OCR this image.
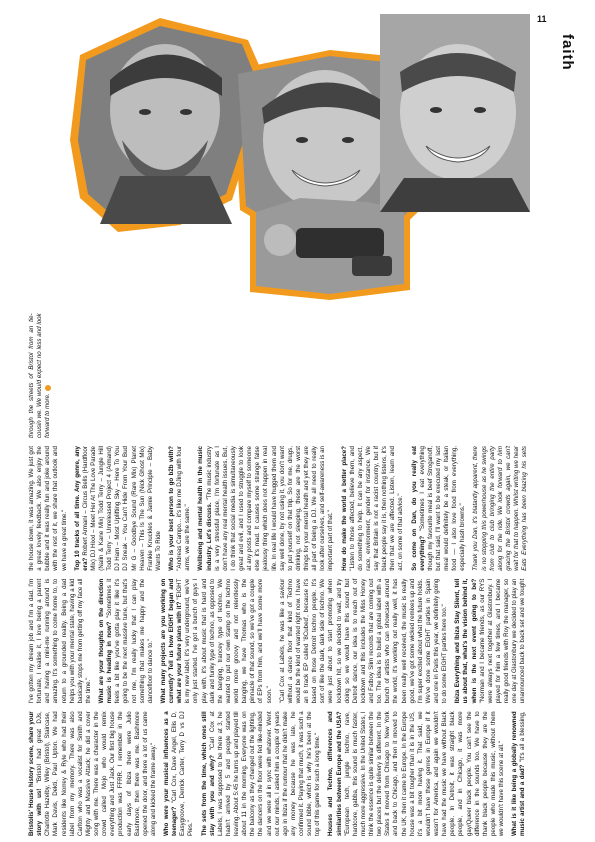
11
faith

Bristolis' House history scene, share your story with us! "Bristol had great DJs, Charlotte Hazelby, Wiley (Bristol), Staircase, Mark Davis, Dekti, Paul Upton. We had residents like Norrey & Ryle who had their label from my memory. There was also Carlton who was a vocalist for Smith and Mighty and Massive Attack; he did a cover song with me. There was a character in the crowd called Mojo who would remix everything and Just Jack. Our first big house production was FFRR. I remember in the early days of Ibiza there were Julio Bashmore, then there was me. Bashmore opened the door, and there a lot of us came along and kicked the frame away." Who were your musical influences as a teenager? "Carl Cox, Dave Angel, Ellis D, Easygroove, Derrick Carter, Terry D vs DJ Pies." The sets from the time, which ones still stay with you and why? "Carl Cox at Labels, I was supposed to be there at 3, he hadn't arrived by 5 and people started leaving. About 5:45 he turns up and played till about 11 in the morning. Everyone was on the balcony as they changed out the lighting, the dancers on the floor were fed like-minded and we were all in sync with whatever. Went out our minds, I asked him a couple of years ago in Ibiza if the rumour that he didn't make any money because he was late, he confirmed it. Playing that much, it was such a sound bible, which is why he's been at the top of this game for such a long time." Houses and Techno, differences and similarities between Europe and the USA? "European tech, jungle techno, rave, hardcore, gabba, this sound is much faster, much more aggressive. In the United States, I think the essence is quite similar between the two places but the delivery is different. In the States it moved from Chicago to New York and back to Chicago, and then it moved to the UK, then it came to Europe. In the Europe house was a bit tougher than it is in the US, it's a bit more having it. That said, we wouldn't have these genres in Europe if it wasn't for America, and again we wouldn't have had the music we have without Black people. In Detroit, it was straight black people, and in Chicago, it was more gay/Queer black people. You can't see the difference in the sounds too. We have to thank black people because they are the people who made this music, without them we wouldn't have this scene at all." What is it like being a globally renowned music artist and a dad? "It's all a blessing, I've gotten my dream job and I'm a dad. I'm fortunate, I realise it, I love being a parent and having a mini-me running around is amazing. It's something to come home to, to return to a grounded reality. Being a dad helps you with your mental state, having a kid basically stops me from getting off my face all the time." What are your thoughts on the direction music is heading in now? "Sometimes it feels a bit like you've gotta play it like it's going to be the next massive tune, but that's not me, I'm really lucky that I can play something that makes me happy and the dancefloor to dance to." What many projects are you working on currently? Tell us how EIGHT began and what are your future plans with it? "EIGHT is my new label, it's very underground, we've only just started. I've got a bunch of guys I play with, it's about music that is hard and dark and funky type of techno, as opposed to the banging, trancey type of techno. We wanted to put our own stamp on the techno world more groovy and not relentlessly banging, we have Thomas who is the pinnacle of that sound, so we've got a couple of EPs from him, and we'll have some more soon." "Carl Cox at Labels, he was like a saviour without a dance floor that kind of Techno would be the kind of wanted right now. I have an 8 track EP called '8Cubed', because it's based on those Detroit techno people. It's sort of like the dark, dark side of techno. We were just about to start promoting when lockdown hit, so we decided to wait, and try doing so we would have this sound but Detroit dance, our idea is to reach out of lockdown and this includes the Miss Honey and Fatboy Slim records that are coming out too. The idea is to build a global label with a bunch of artists who can showcase around the world, it's working out really well, it has been really well received, the music is really good, we've got some wicked remixes up and I'm super excited about what the future holds. We've done some EIGHT parties in Spain and one in Paris this year, we definitely going to do some EIGHT parties here too." Ibiza Everything and Ibiza Stay Silent, tell us about that, what's the vision behind it, when is the next event going to be? "Norman and I became friends, as our RYS were always next together at Glastonbury. I played for him a few times, and I became really good friends with Roy the manager, so one day at Glastonbury we decided to play an unannounced back to back set and we tought the house down, it was amazing. We just got a great lovely feedback. We also enjoy the bubble and it was really fun and joke around with the rest of it, we share that outlook and we have a great time." Top 10 tracks of all time. Any genre, any era? Robert Armani – Circus Bells (Hardfloor Mix) DJ Hixxl – Meet Her At The Love Parade (Nalin & Kane Mix) Todd Terry – Jungle Hill Todd Terry – Unreleased Project 4 (Armand) DJ Ham – Most Uplifting Sky – Here To You DJ Sneak – You Can't Hide From Your Bud Mr G – Goodbye Sound (Rare Mix) Planet Heaven – This Is The Sun (Nick Ghost Mix) Frankie Knuckles & Jamie Principle – Baby Wants To Ride Who is your best person to go b2b with? "Andreas Campo... it's like me DJing with four arms, we are the same." Wellbeing and mental health in the music industry. Let's discuss. "The music industry is a very stressful place, I'm fortunate as I don't have any real mental health issues. But, I do think that social media is simultaneously great and evil, and I used to struggle to look at any posts and compare myself to someone else it's mad. It causes some strange false jealousy thing which does not happen in real life. In real life I would have hugged them and say well done, by not using it, you don't want to put yourself on that trip. So for me, drugs, drinking, not sleeping, these are the worst things for your mental health and yet they are all part of being a DJ. We all need to really look after ourselves, and self-awareness is an important part of that." How do make the world a better place? "Listen to those affected, believe them, and do something to help. It can be any aspect, race, environment, gender for instance. We say that Britain is not a racist country, but if black people say it is, then nothing listens, it's then that we are affected. Listen, learn and act, on some of that advice." So come on Dan, do you really eat everything? "Sometimes I eat everything though my favourite meal is beef Stroganoff, but that said, I'll want to be executed my last meal would definitely be a steak, or Italian food — I also love food from everything, especially hash browns." Thank you Dan, it's blatantly apparent, there is no stopping this powerhouse as he swings from club to club bringing the entire party along for the ride. We look forward to him gracing the Bristol crowds again, we can't wait for that to happen. Whilst writing we hear Eats Everything has been blazing his sets through the streets of Bristol from an tie-cousin we. We would expect no less and look forward to more.
